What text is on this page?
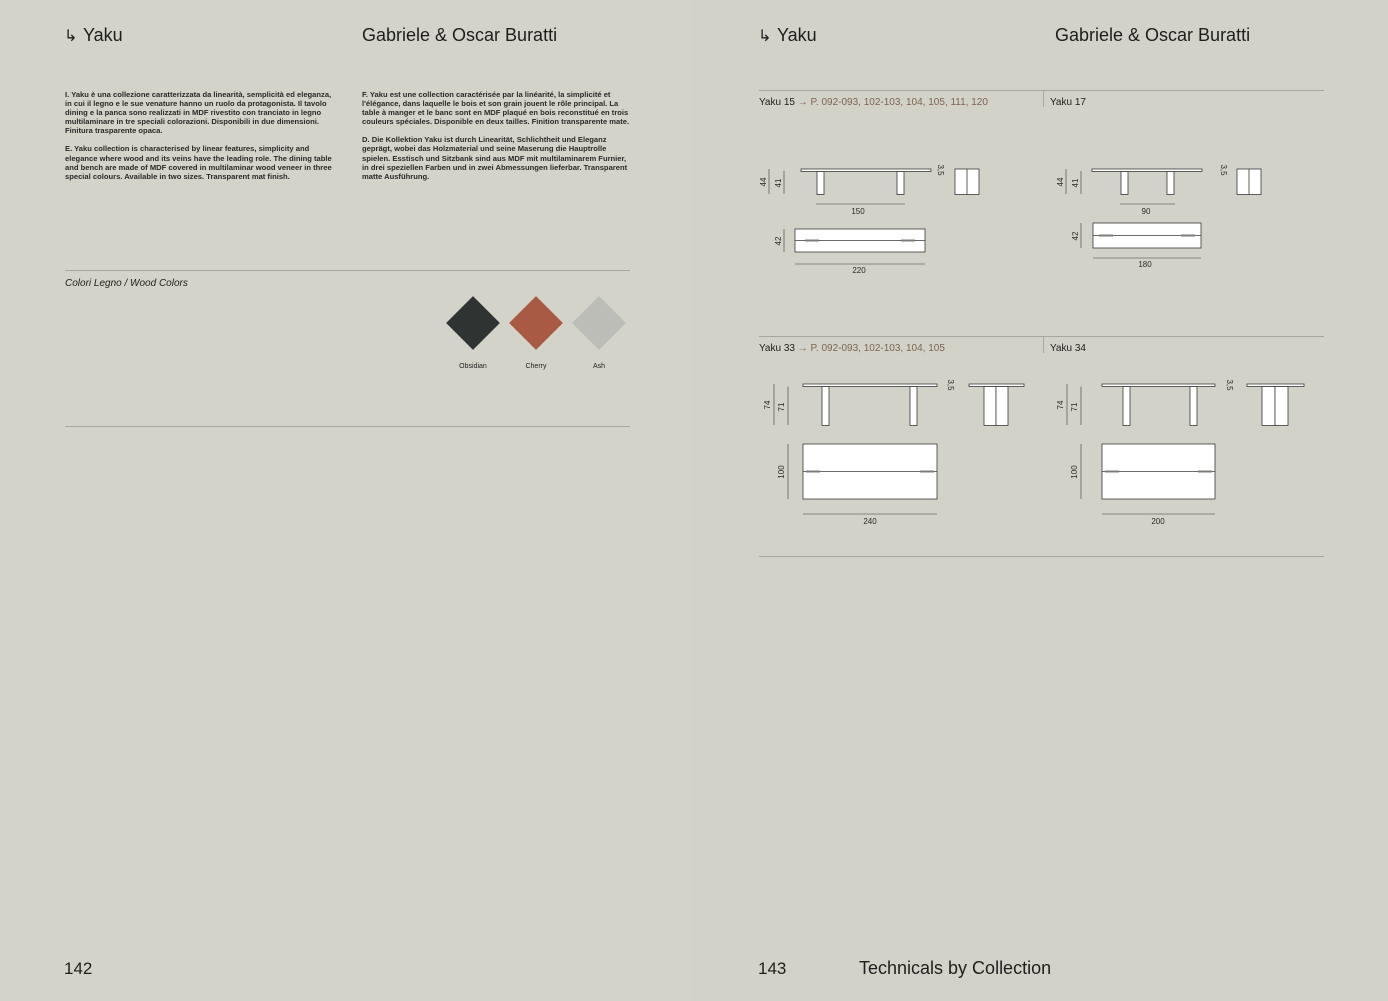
↳ Yaku	Gabriele & Oscar Buratti

I. Yaku è una collezione caratterizzata da linearità, semplicità ed eleganza, in cui il legno e le sue venature hanno un ruolo da protagonista. Il tavolo dining e la panca sono realizzati in MDF rivestito con tranciato in legno multilaminare in tre speciali colorazioni. Disponibili in due dimensioni. Finitura trasparente opaca.

E. Yaku collection is characterised by linear features, simplicity and elegance where wood and its veins have the leading role. The dining table and bench are made of MDF covered in multilaminar wood veneer in three special colours. Available in two sizes. Transparent mat finish.

F. Yaku est une collection caractérisée par la linéarité, la simplicité et l'élégance, dans laquelle le bois et son grain jouent le rôle principal. La table à manger et le banc sont en MDF plaqué en bois reconstitué en trois couleurs spéciales. Disponible en deux tailles. Finition transparente mate.

D. Die Kollektion Yaku ist durch Linearität, Schlichtheit und Eleganz geprägt, wobei das Holzmaterial und seine Maserung die Hauptrolle spielen. Esstisch und Sitzbank sind aus MDF mit multilaminarem Furnier, in drei speziellen Farben und in zwei Abmessungen lieferbar. Transparent matte Ausführung.

Colori Legno / Wood Colors
Obsidian	Cherry	Ash
142
↳ Yaku	Gabriele & Oscar Buratti
Yaku 15 → P. 092-093, 102-103, 104, 105, 111, 120	Yaku 17
44 41
3,5
150
42
220
44 41
3,5
90
42
180
Yaku 33 → P. 092-093, 102-103, 104, 105	Yaku 34
74 71
3,5
100
240
74 71
3,5
100
200
143	Technicals by Collection
